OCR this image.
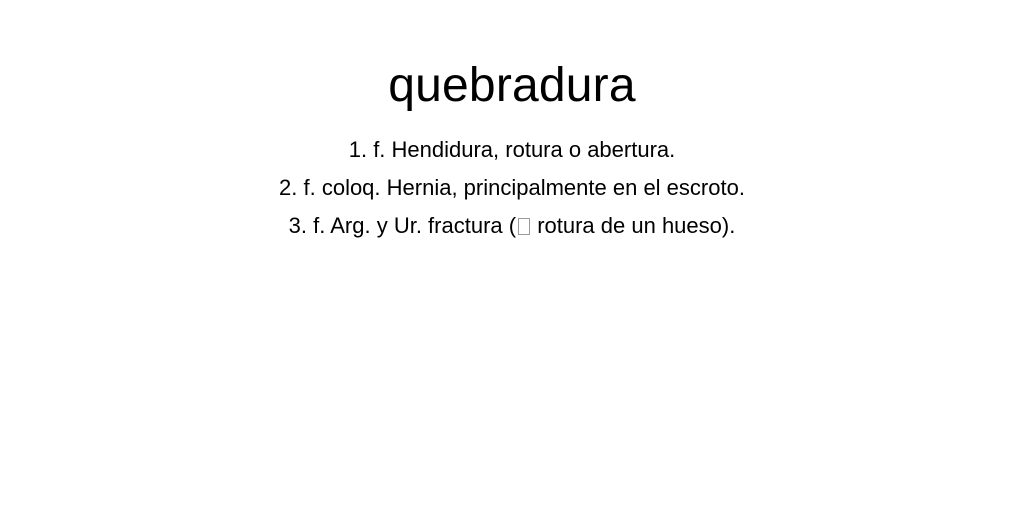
quebradura
1. f. Hendidura, rotura o abertura.
2. f. coloq. Hernia, principalmente en el escroto.
3. f. Arg. y Ur. fractura ( rotura de un hueso).
